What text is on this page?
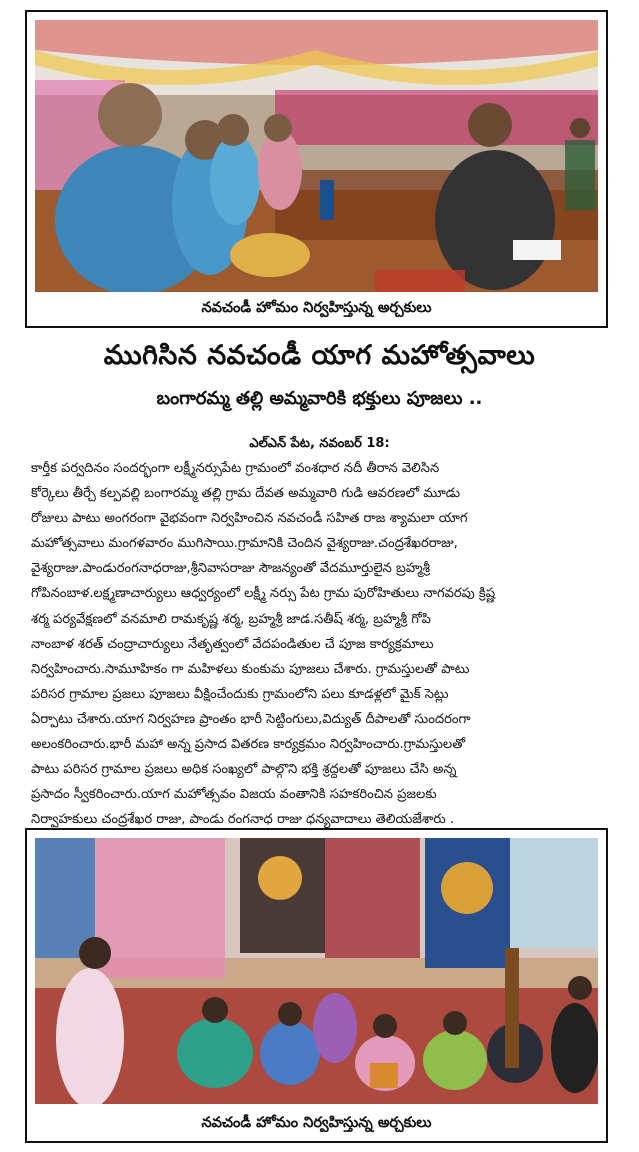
నవచండీ హోమం నిర్వహిస్తున్న అర్చకులు
ముగిసిన నవచండీ యాగ మహోత్సవాలు
బంగారమ్మ తల్లి అమ్మవారికి భక్తులు పూజలు ..
ఎల్ఎన్ పేట, నవంబర్ 18:
కార్తీక పర్వదినం సందర్భంగా లక్ష్మీనర్సుపేట గ్రామంలో వంశధార నదీ తీరాన వెలిసిన
కోర్కెలు తీర్చే కల్పవల్లి బంగారమ్మ తల్లి గ్రామ దేవత అమ్మవారి గుడి ఆవరణలో మూడు
రోజులు పాటు అంగరంగా వైభవంగా నిర్వహించిన నవచండీ సహిత రాజ శ్యామలా యాగ
మహోత్సవాలు మంగళవారం ముగిసాయి.గ్రామానికి చెందిన వైశ్యరాజు.చంద్రశేఖరరాజు,
వైశ్యరాజు.పాండురంగనాధరాజు,శ్రీనివాసరాజు సౌజన్యంతో వేదమూర్తులైన బ్రహ్మశ్రీ
గోపినంబాళ.లక్ష్మణాచార్యులు ఆధ్వర్యంలో లక్ష్మీ నర్సు పేట గ్రామ పురోహితులు నాగవరపు క్రిష్ణ
శర్మ పర్యవేక్షణలో వనమాలి రామకృష్ణ శర్మ, బ్రహ్మశ్రీ జాడ.సతీష్ శర్మ, బ్రహ్మశ్రీ గోపి
నాంబాళ శరత్ చంద్రాచార్యులు నేతృత్వంలో వేదపండితుల చే పూజ కార్యక్రమాలు
నిర్వహించారు.సామూహికం గా మహిళలు కుంకుమ పూజలు చేశారు. గ్రామస్తులతో పాటు
పరిసర గ్రామాల ప్రజలు పూజలు వీక్షించేందుకు గ్రామంలోని పలు కూడళ్లలో మైక్ సెట్లు
ఏర్పాటు చేశారు.యాగ నిర్వహణ ప్రాంతం భారీ సెట్టింగులు,విద్యుత్ దీపాలతో సుందరంగా
అలంకరించారు.భారీ మహా అన్న ప్రసాద వితరణ కార్యక్రమం నిర్వహించారు.గ్రామస్తులతో
పాటు పరిసర గ్రామాల ప్రజలు అధిక సంఖ్యలో పాల్గొని భక్తి శ్రద్దలతో పూజలు చేసి అన్న
ప్రసాదం స్వీకరించారు.యాగ మహోత్సవం విజయ వంతానికి సహకరించిన ప్రజలకు
నిర్వాహకులు చంద్రశేఖర రాజు, పాండు రంగనాధ రాజు ధన్యవాదాలు తెలియజేశారు .
నవచండీ హోమం నిర్వహిస్తున్న అర్చకులు
